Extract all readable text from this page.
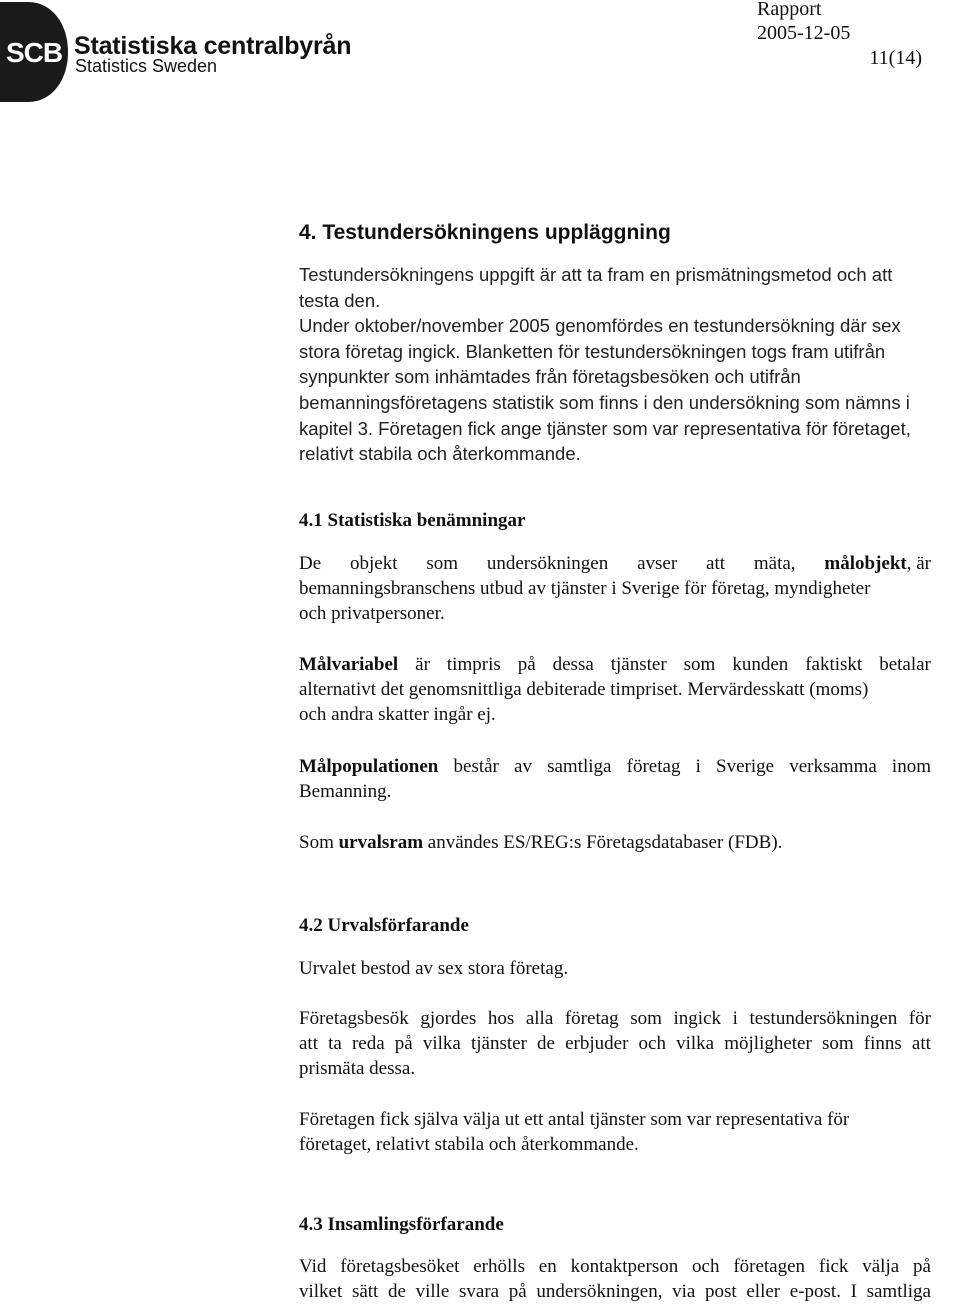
SCB Statistiska centralbyrån
Statistics Sweden
Rapport
2005-12-05
11(14)
4. Testundersökningens uppläggning
Testundersökningens uppgift är att ta fram en prismätningsmetod och att
testa den.
Under oktober/november 2005 genomfördes en testundersökning där sex
stora företag ingick. Blanketten för testundersökningen togs fram utifrån
synpunkter som inhämtades från företagsbesöken och utifrån
bemanningsföretagens statistik som finns i den undersökning som nämns i
kapitel 3. Företagen fick ange tjänster som var representativa för företaget,
relativt stabila och återkommande.
4.1 Statistiska benämningar
De objekt som undersökningen avser att mäta, målobjekt, är
bemanningsbranschens utbud av tjänster i Sverige för företag, myndigheter
och privatpersoner.
Målvariabel är timpris på dessa tjänster som kunden faktiskt betalar
alternativt det genomsnittliga debiterade timpriset. Mervärdesskatt (moms)
och andra skatter ingår ej.
Målpopulationen består av samtliga företag i Sverige verksamma inom
Bemanning.
Som urvalsram användes ES/REG:s Företagsdatabaser (FDB).
4.2 Urvalsförfarande
Urvalet bestod av sex stora företag.
Företagsbesök gjordes hos alla företag som ingick i testundersökningen för
att ta reda på vilka tjänster de erbjuder och vilka möjligheter som finns att
prismäta dessa.
Företagen fick själva välja ut ett antal tjänster som var representativa för
företaget, relativt stabila och återkommande.
4.3 Insamlingsförfarande
Vid företagsbesöket erhölls en kontaktperson och företagen fick välja på
vilket sätt de ville svara på undersökningen, via post eller e-post. I samtliga
